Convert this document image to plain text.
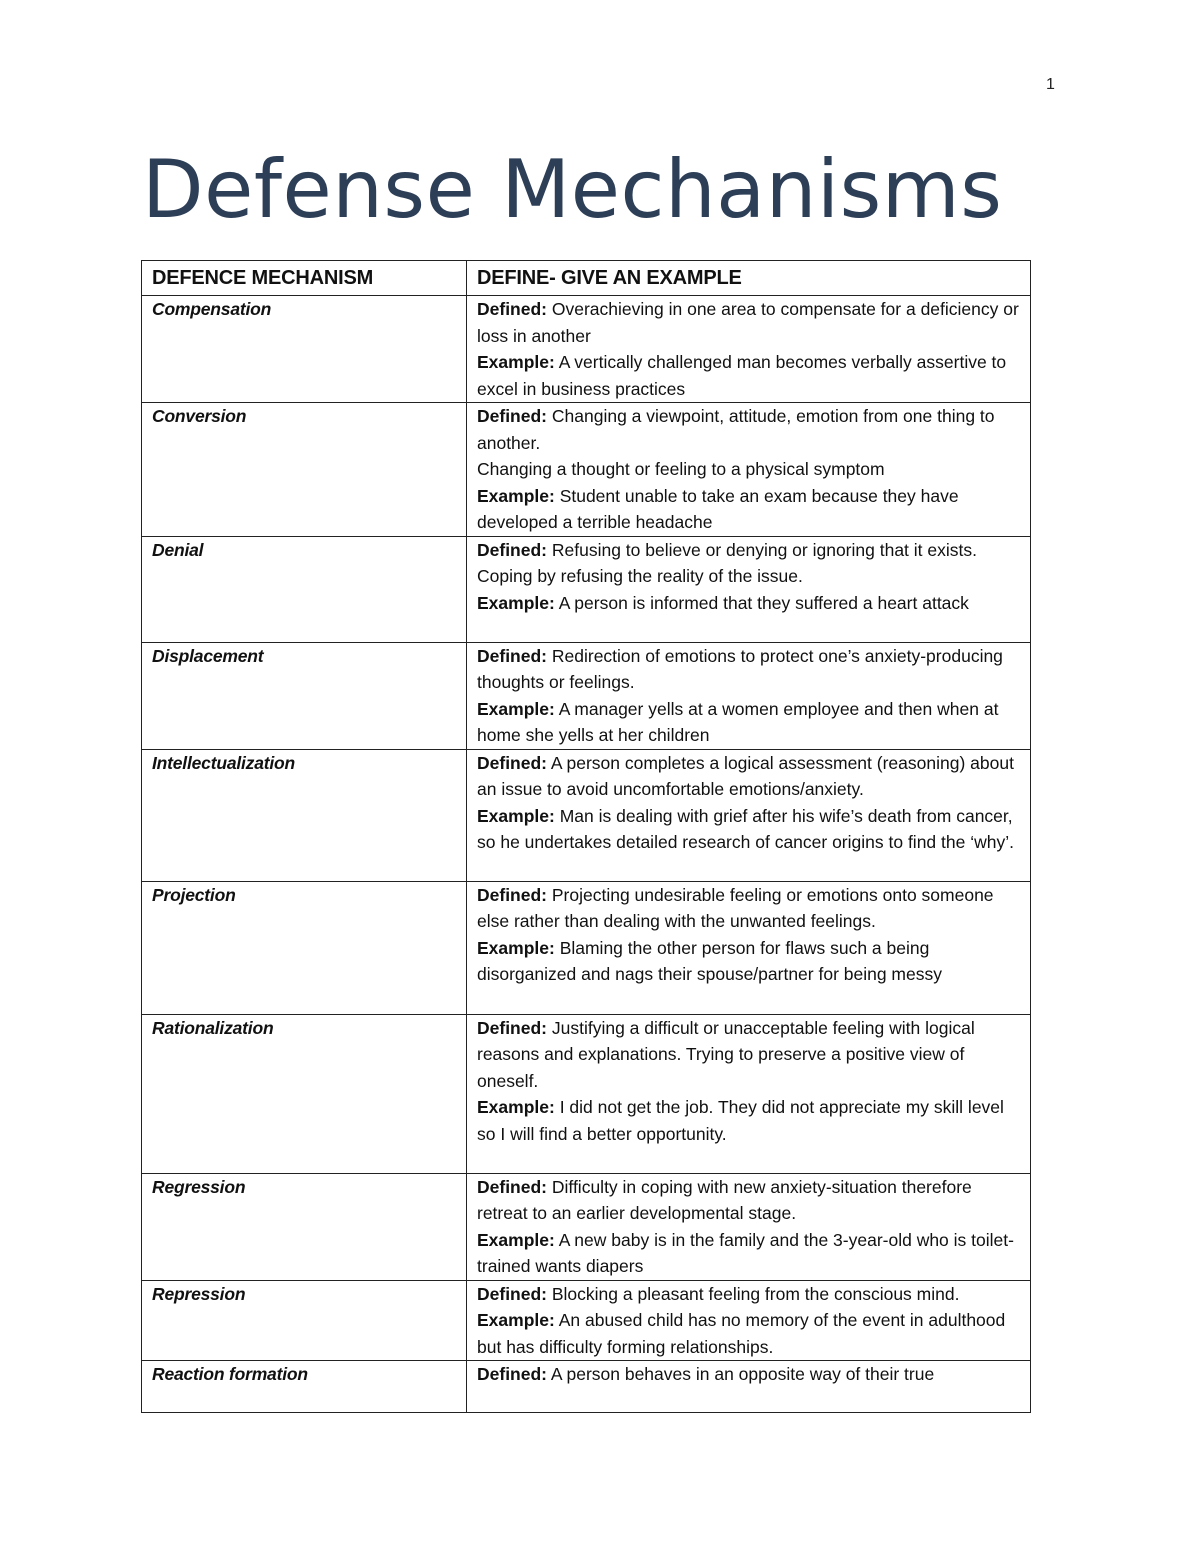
1
Defense Mechanisms
DEFENCE MECHANISM	DEFINE- GIVE AN EXAMPLE
Compensation	Defined: Overachieving in one area to compensate for a deficiency or loss in another
Example: A vertically challenged man becomes verbally assertive to excel in business practices

Conversion	Defined: Changing a viewpoint, attitude, emotion from one thing to another.
Changing a thought or feeling to a physical symptom
Example: Student unable to take an exam because they have developed a terrible headache

Denial	Defined: Refusing to believe or denying or ignoring that it exists. Coping by refusing the reality of the issue.
Example: A person is informed that they suffered a heart attack

Displacement	Defined: Redirection of emotions to protect one’s anxiety-producing thoughts or feelings.
Example: A manager yells at a women employee and then when at home she yells at her children

Intellectualization	Defined: A person completes a logical assessment (reasoning) about an issue to avoid uncomfortable emotions/anxiety.
Example: Man is dealing with grief after his wife’s death from cancer, so he undertakes detailed research of cancer origins to find the ‘why’.

Projection	Defined: Projecting undesirable feeling or emotions onto someone else rather than dealing with the unwanted feelings.
Example: Blaming the other person for flaws such a being disorganized and nags their spouse/partner for being messy

Rationalization	Defined: Justifying a difficult or unacceptable feeling with logical reasons and explanations. Trying to preserve a positive view of oneself.
Example: I did not get the job. They did not appreciate my skill level so I will find a better opportunity.

Regression	Defined: Difficulty in coping with new anxiety-situation therefore retreat to an earlier developmental stage.
Example: A new baby is in the family and the 3-year-old who is toilet-trained wants diapers

Repression	Defined: Blocking a pleasant feeling from the conscious mind.
Example: An abused child has no memory of the event in adulthood but has difficulty forming relationships.

Reaction formation	Defined: A person behaves in an opposite way of their true
